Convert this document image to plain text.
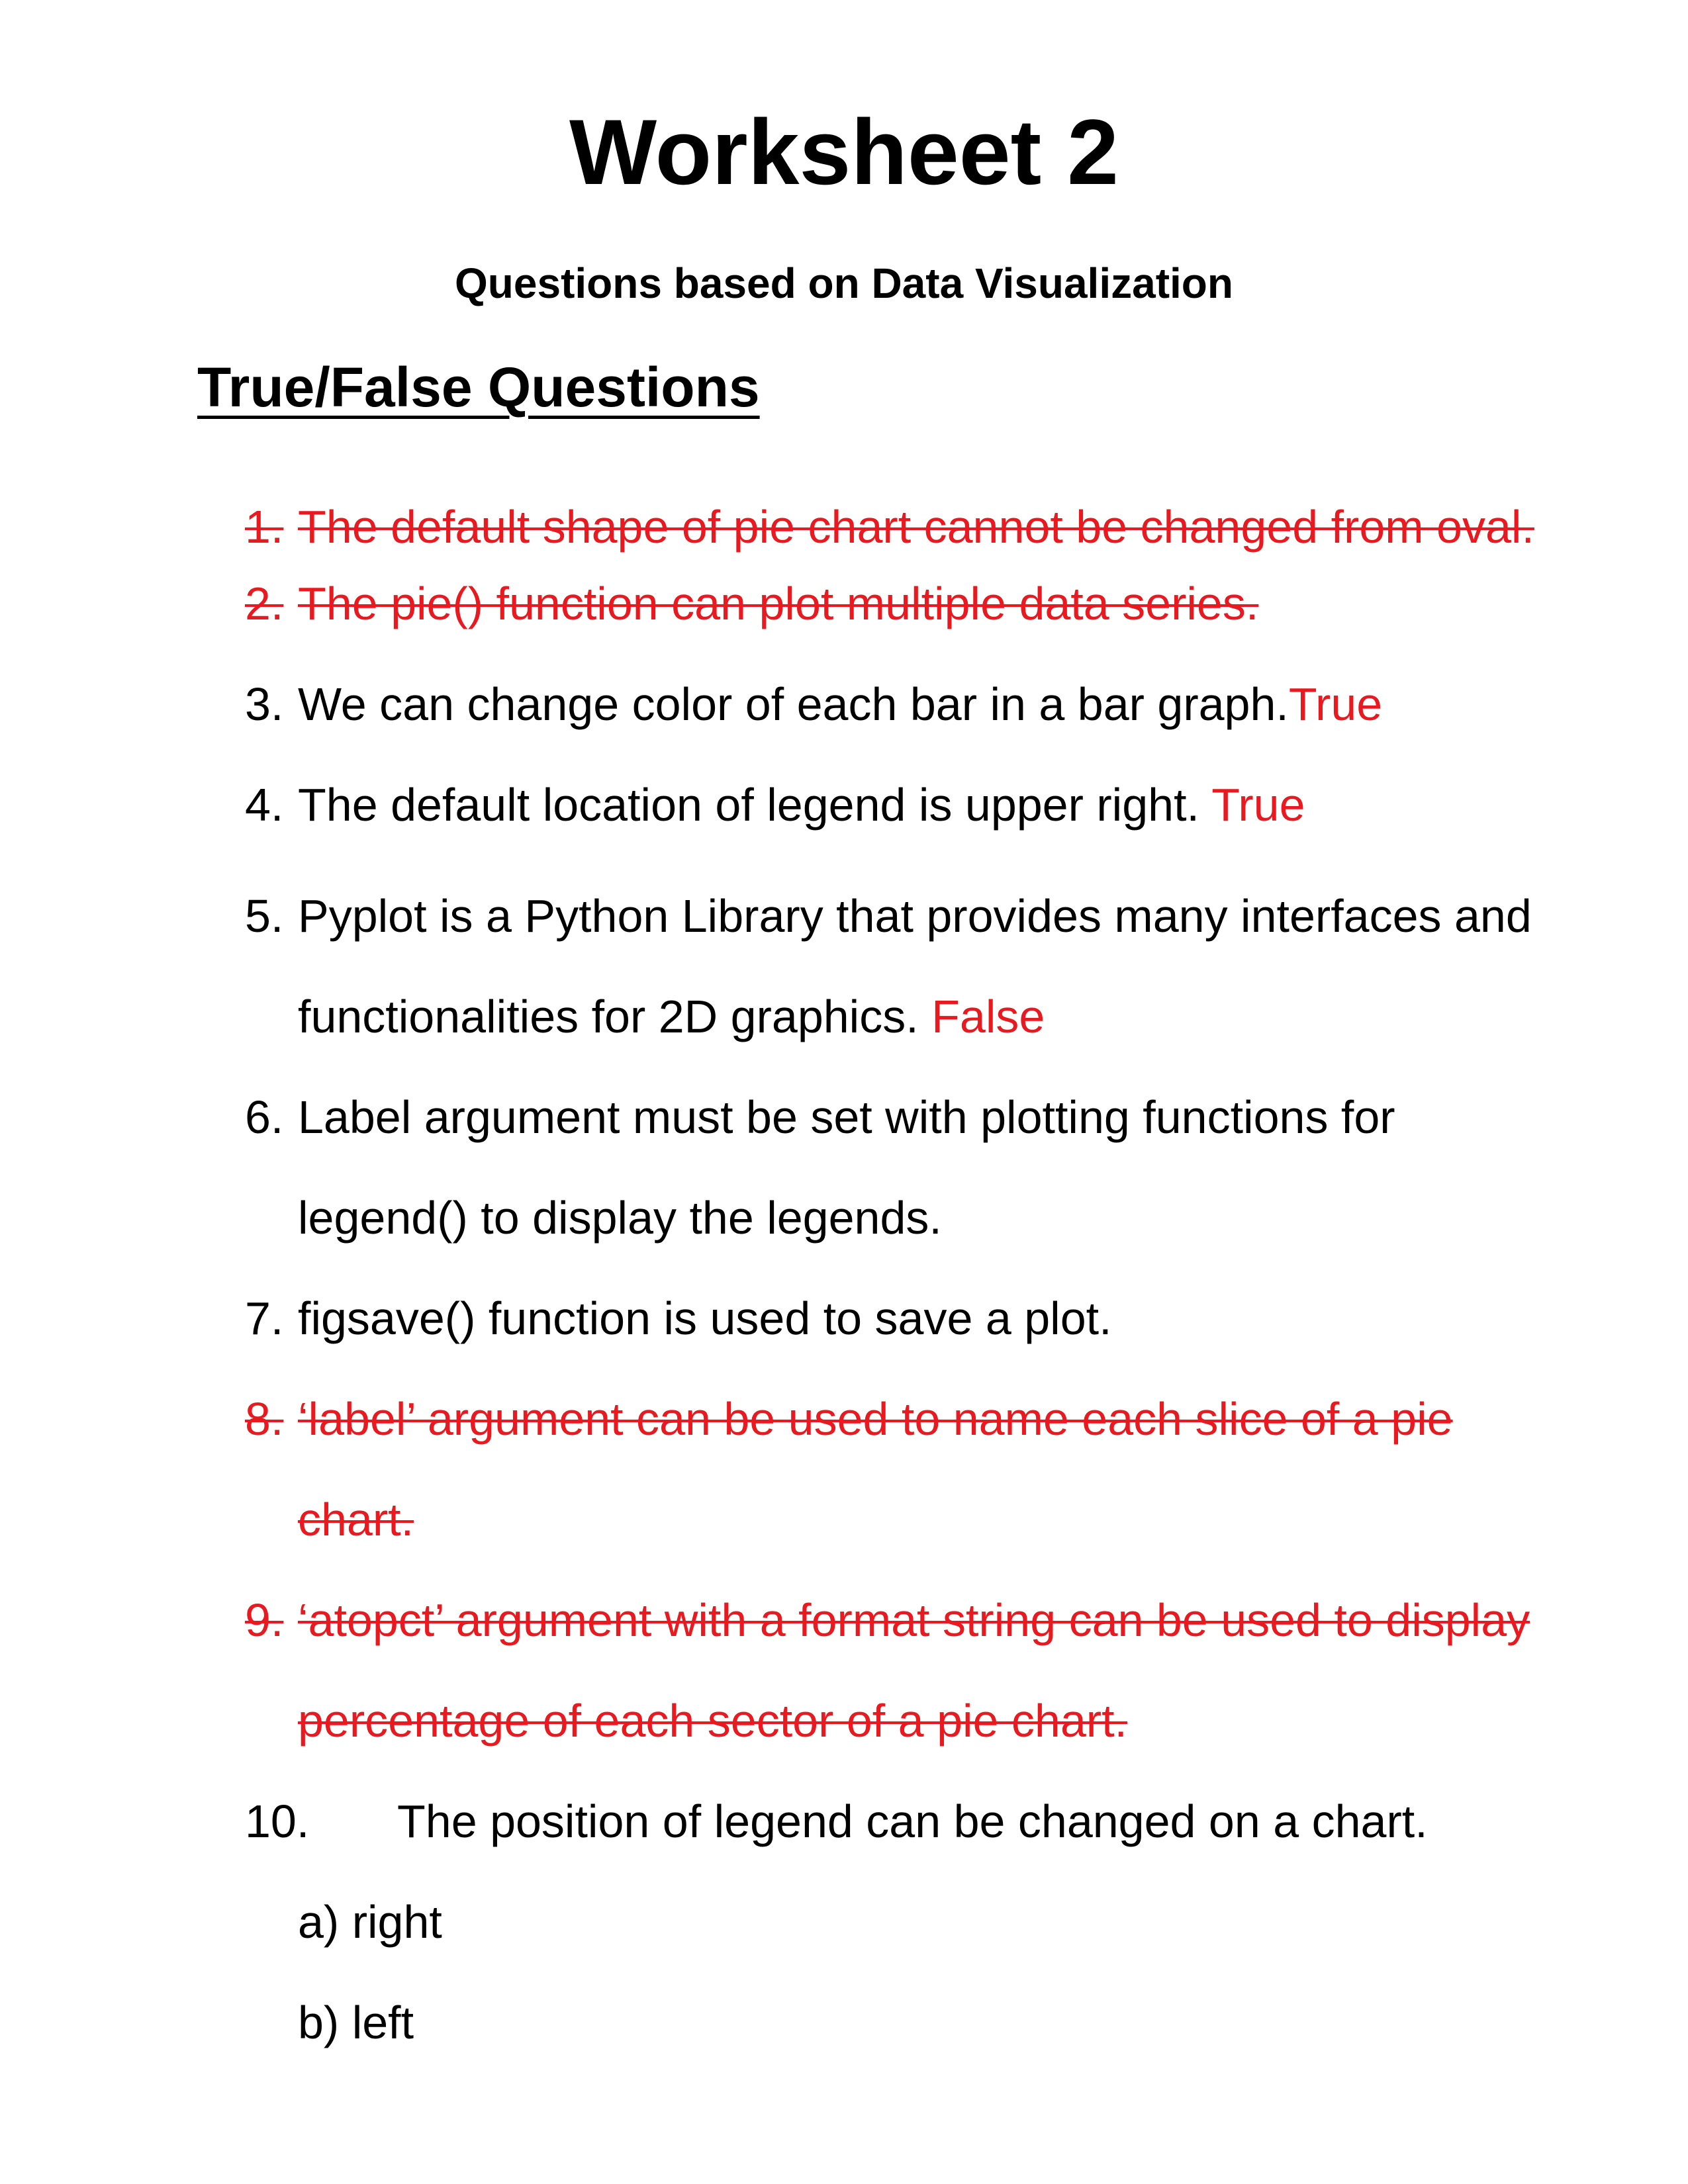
Worksheet 2
Questions based on Data Visualization
True/False Questions
1. The default shape of pie chart cannot be changed from oval.
2. The pie() function can plot multiple data series.
3. We can change color of each bar in a bar graph.True
4. The default location of legend is upper right. True
5. Pyplot is a Python Library that provides many interfaces and functionalities for 2D graphics. False
6. Label argument must be set with plotting functions for legend() to display the legends.
7. figsave() function is used to save a plot.
8. ‘label’ argument can be used to name each slice of a pie chart.
9. ‘atopct’ argument with a format string can be used to display percentage of each sector of a pie chart.
10. The position of legend can be changed on a chart.
a) right
b) left
